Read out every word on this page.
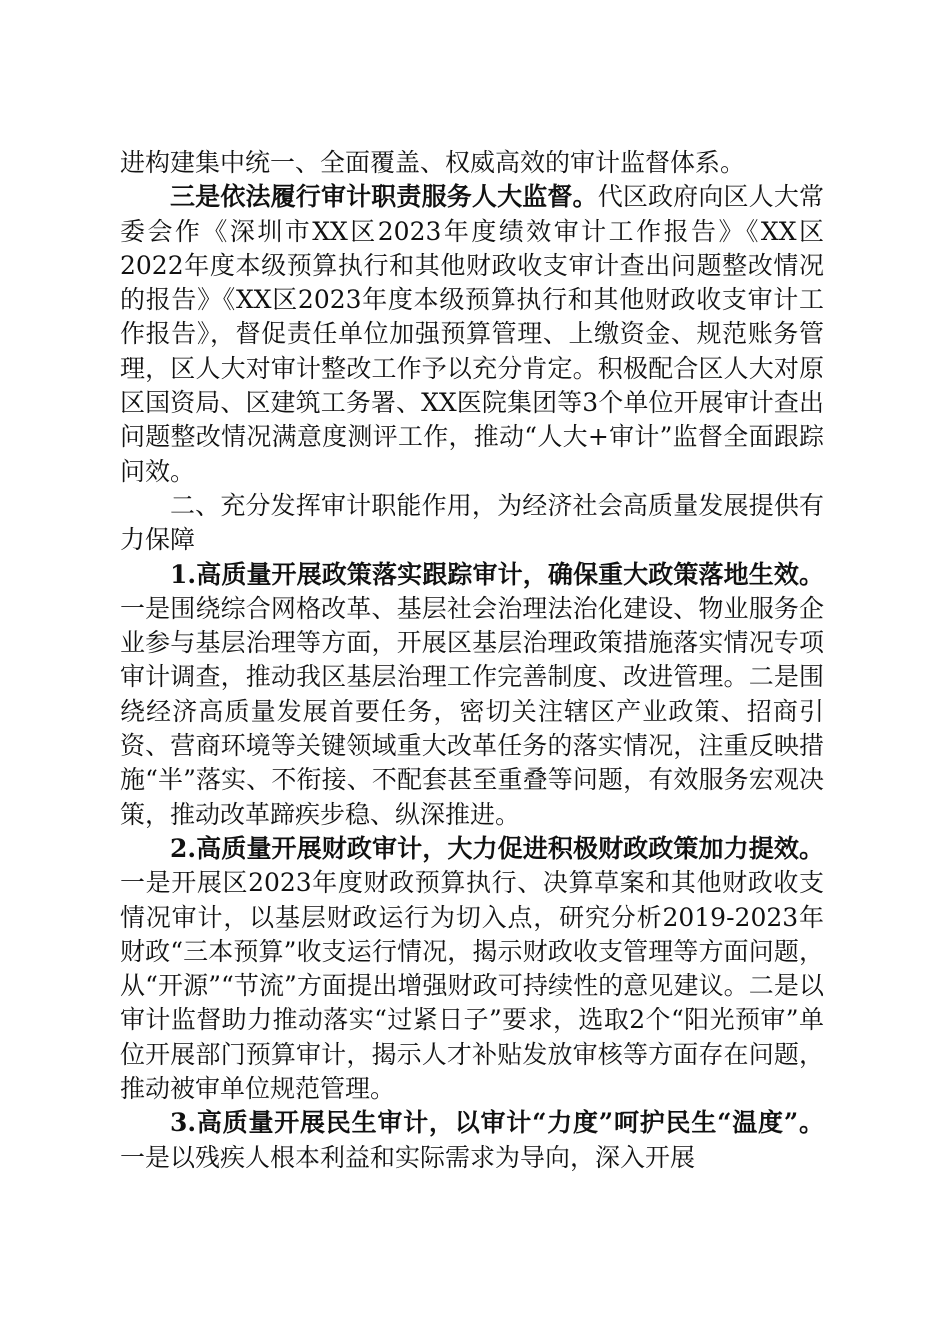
进构建集中统一、全面覆盖、权威高效的审计监督体系。

三是依法履行审计职责服务人大监督。代区政府向区人大常委会作《深圳市XX区2023年度绩效审计工作报告》《XX区2022年度本级预算执行和其他财政收支审计查出问题整改情况的报告》《XX区2023年度本级预算执行和其他财政收支审计工作报告》，督促责任单位加强预算管理、上缴资金、规范账务管理，区人大对审计整改工作予以充分肯定。积极配合区人大对原区国资局、区建筑工务署、XX医院集团等3个单位开展审计查出问题整改情况满意度测评工作，推动“人大+审计”监督全面跟踪问效。

二、充分发挥审计职能作用，为经济社会高质量发展提供有力保障

1.高质量开展政策落实跟踪审计，确保重大政策落地生效。一是围绕综合网格改革、基层社会治理法治化建设、物业服务企业参与基层治理等方面，开展区基层治理政策措施落实情况专项审计调查，推动我区基层治理工作完善制度、改进管理。二是围绕经济高质量发展首要任务，密切关注辖区产业政策、招商引资、营商环境等关键领域重大改革任务的落实情况，注重反映措施“半”落实、不衔接、不配套甚至重叠等问题，有效服务宏观决策，推动改革蹄疾步稳、纵深推进。

2.高质量开展财政审计，大力促进积极财政政策加力提效。一是开展区2023年度财政预算执行、决算草案和其他财政收支情况审计，以基层财政运行为切入点，研究分析2019-2023年财政“三本预算”收支运行情况，揭示财政收支管理等方面问题，从“开源”“节流”方面提出增强财政可持续性的意见建议。二是以审计监督助力推动落实“过紧日子”要求，选取2个“阳光预审”单位开展部门预算审计，揭示人才补贴发放审核等方面存在问题，推动被审单位规范管理。

3.高质量开展民生审计，以审计“力度”呵护民生“温度”。一是以残疾人根本利益和实际需求为导向，深入开展
